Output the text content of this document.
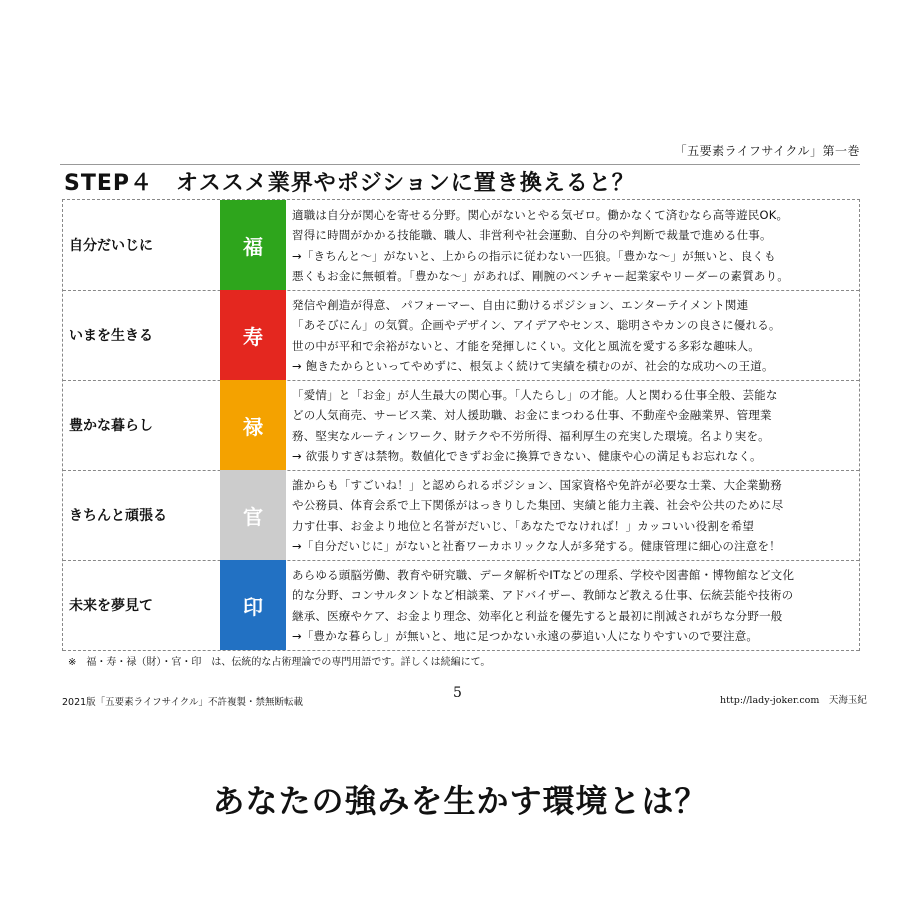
「五要素ライフサイクル」第一巻
STEP４　オススメ業界やポジションに置き換えると？
自分だいじに	福
適職は自分が関心を寄せる分野。関心がないとやる気ゼロ。働かなくて済むなら高等遊民OK。
習得に時間がかかる技能職、職人、非営利や社会運動、自分のや判断で裁量で進める仕事。
→「きちんと〜」がないと、上からの指示に従わない一匹狼。「豊かな〜」が無いと、良くも
悪くもお金に無頓着。「豊かな〜」があれば、剛腕のベンチャー起業家やリーダーの素質あり。
いまを生きる	寿
発信や創造が得意、 パフォーマー、自由に動けるポジション、エンターテイメント関連
「あそびにん」の気質。企画やデザイン、アイデアやセンス、聡明さやカンの良さに優れる。
世の中が平和で余裕がないと、才能を発揮しにくい。文化と風流を愛する多彩な趣味人。
→ 飽きたからといってやめずに、根気よく続けて実績を積むのが、社会的な成功への王道。
豊かな暮らし	禄
「愛情」と「お金」が人生最大の関心事。「人たらし」の才能。人と関わる仕事全般、芸能な
どの人気商売、サービス業、対人援助職、お金にまつわる仕事、不動産や金融業界、管理業
務、堅実なルーティンワーク、財テクや不労所得、福利厚生の充実した環境。名より実を。
→ 欲張りすぎは禁物。数値化できずお金に換算できない、健康や心の満足もお忘れなく。
きちんと頑張る	官
誰からも「すごいね！」と認められるポジション、国家資格や免許が必要な士業、大企業勤務
や公務員、体育会系で上下関係がはっきりした集団、実績と能力主義、社会や公共のために尽
力す仕事、お金より地位と名誉がだいじ、「あなたでなければ！」カッコいい役割を希望
→「自分だいじに」がないと社畜ワーカホリックな人が多発する。健康管理に細心の注意を！
未来を夢見て	印
あらゆる頭脳労働、教育や研究職、データ解析やITなどの理系、学校や図書館・博物館など文化
的な分野、コンサルタントなど相談業、アドバイザー、教師など教える仕事、伝統芸能や技術の
継承、医療やケア、お金より理念、効率化と利益を優先すると最初に削減されがちな分野一般
→「豊かな暮らし」が無いと、地に足つかない永遠の夢追い人になりやすいので要注意。
※　福・寿・禄（財）・官・印　は、伝統的な占術理論での専門用語です。詳しくは続編にて。
2021版「五要素ライフサイクル」不許複製・禁無断転載
5	http://lady-joker.com　天海玉紀
あなたの強みを生かす環境とは？
